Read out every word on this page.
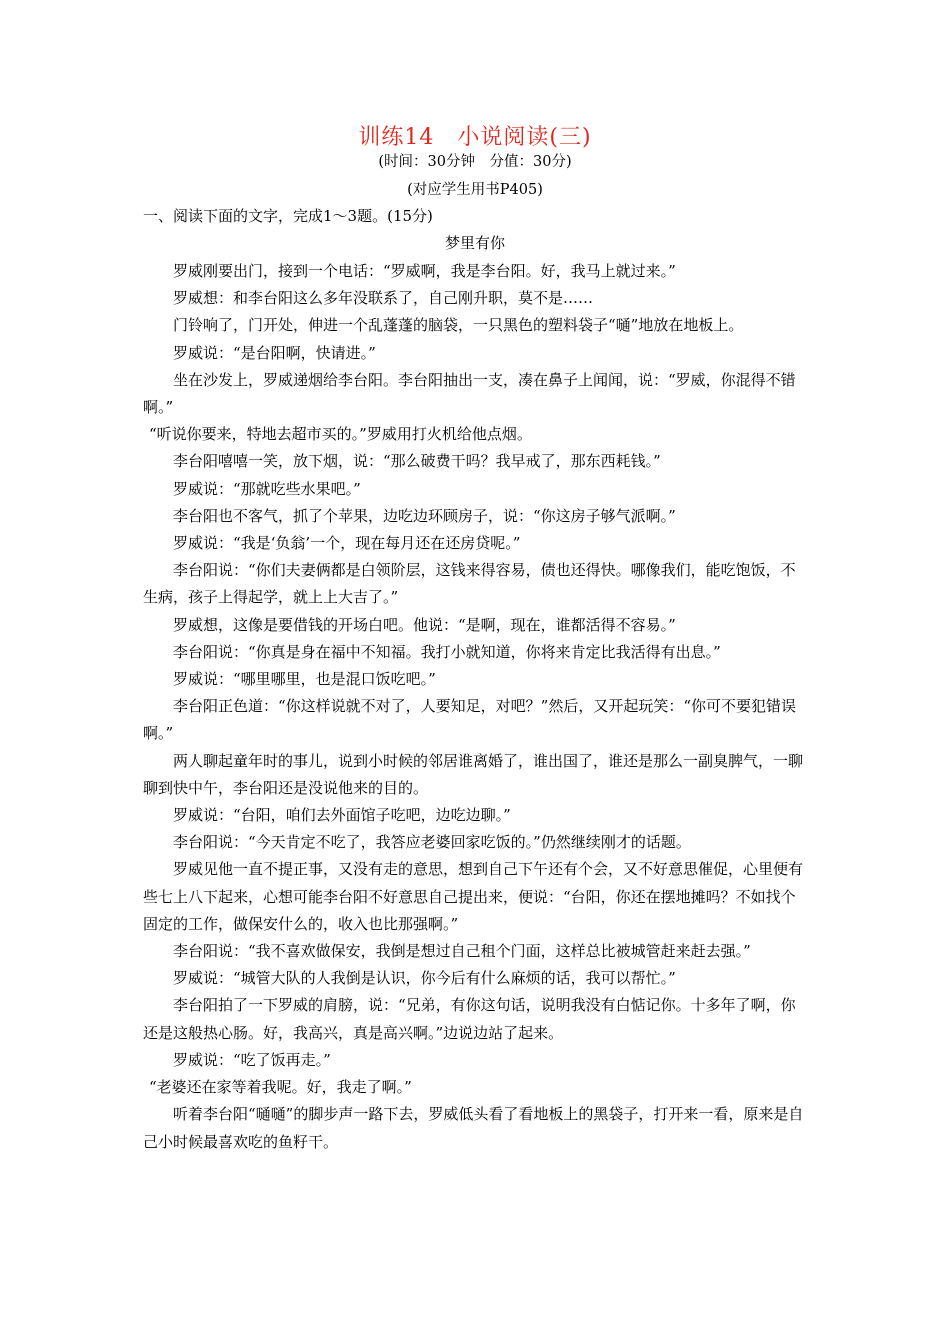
训练14　小说阅读(三)
(时间：30分钟　分值：30分)
(对应学生用书P405)
一、阅读下面的文字，完成1～3题。(15分)
梦里有你

罗威刚要出门，接到一个电话：“罗威啊，我是李台阳。好，我马上就过来。”

罗威想：和李台阳这么多年没联系了，自己刚升职，莫不是……

门铃响了，门开处，伸进一个乱蓬蓬的脑袋，一只黑色的塑料袋子“嗵”地放在地板上。

罗威说：“是台阳啊，快请进。”

坐在沙发上，罗威递烟给李台阳。李台阳抽出一支，凑在鼻子上闻闻，说：“罗威，你混得不错啊。”

“听说你要来，特地去超市买的。”罗威用打火机给他点烟。

李台阳嘻嘻一笑，放下烟，说：“那么破费干吗？我早戒了，那东西耗钱。”

罗威说：“那就吃些水果吧。”

李台阳也不客气，抓了个苹果，边吃边环顾房子，说：“你这房子够气派啊。”

罗威说：“我是‘负翁’一个，现在每月还在还房贷呢。”

李台阳说：“你们夫妻俩都是白领阶层，这钱来得容易，债也还得快。哪像我们，能吃饱饭，不生病，孩子上得起学，就上上大吉了。”

罗威想，这像是要借钱的开场白吧。他说：“是啊，现在，谁都活得不容易。”

李台阳说：“你真是身在福中不知福。我打小就知道，你将来肯定比我活得有出息。”

罗威说：“哪里哪里，也是混口饭吃吧。”

李台阳正色道：“你这样说就不对了，人要知足，对吧？”然后，又开起玩笑：“你可不要犯错误啊。”

两人聊起童年时的事儿，说到小时候的邻居谁离婚了，谁出国了，谁还是那么一副臭脾气，一聊聊到快中午，李台阳还是没说他来的目的。

罗威说：“台阳，咱们去外面馆子吃吧，边吃边聊。”

李台阳说：“今天肯定不吃了，我答应老婆回家吃饭的。”仍然继续刚才的话题。

罗威见他一直不提正事，又没有走的意思，想到自己下午还有个会，又不好意思催促，心里便有些七上八下起来，心想可能李台阳不好意思自己提出来，便说：“台阳，你还在摆地摊吗？不如找个固定的工作，做保安什么的，收入也比那强啊。”

李台阳说：“我不喜欢做保安，我倒是想过自己租个门面，这样总比被城管赶来赶去强。”

罗威说：“城管大队的人我倒是认识，你今后有什么麻烦的话，我可以帮忙。”

李台阳拍了一下罗威的肩膀，说：“兄弟，有你这句话，说明我没有白惦记你。十多年了啊，你还是这般热心肠。好，我高兴，真是高兴啊。”边说边站了起来。

罗威说：“吃了饭再走。”

“老婆还在家等着我呢。好，我走了啊。”

听着李台阳“嗵嗵”的脚步声一路下去，罗威低头看了看地板上的黑袋子，打开来一看，原来是自己小时候最喜欢吃的鱼籽干。
